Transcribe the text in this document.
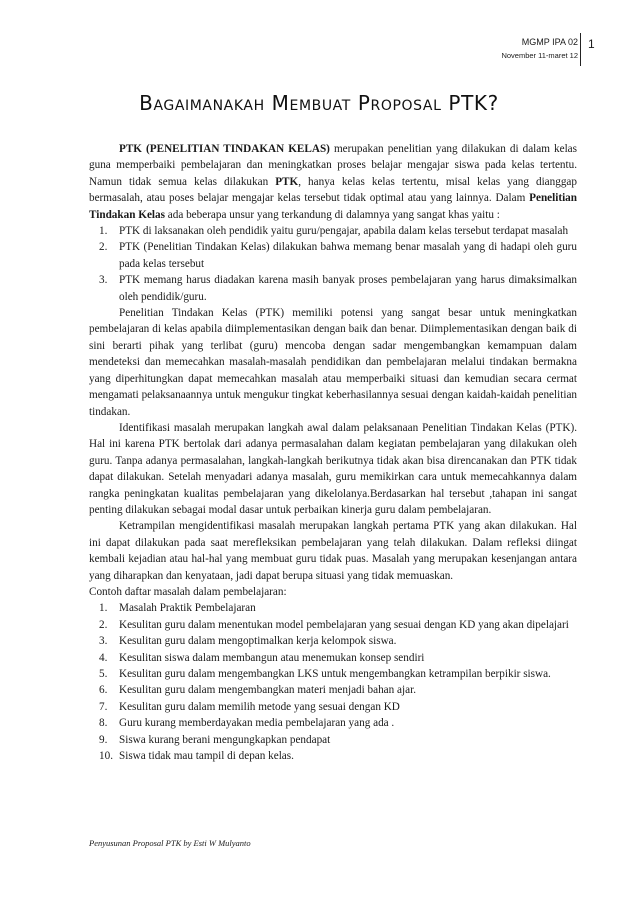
MGMP IPA 02
November 11-maret 12
1
Bagaimanakah Membuat Proposal PTK?

PTK (PENELITIAN TINDAKAN KELAS) merupakan penelitian yang dilakukan di dalam kelas guna memperbaiki pembelajaran dan meningkatkan proses belajar mengajar siswa pada kelas tertentu. Namun tidak semua kelas dilakukan PTK, hanya kelas kelas tertentu, misal kelas yang dianggap bermasalah, atau poses belajar mengajar kelas tersebut tidak optimal atau yang lainnya. Dalam Penelitian Tindakan Kelas ada beberapa unsur yang terkandung di dalamnya yang sangat khas yaitu :

1. PTK di laksanakan oleh pendidik yaitu guru/pengajar, apabila dalam kelas tersebut terdapat masalah
2. PTK (Penelitian Tindakan Kelas) dilakukan bahwa memang benar masalah yang di hadapi oleh guru pada kelas tersebut
3. PTK memang harus diadakan karena masih banyak proses pembelajaran yang harus dimaksimalkan oleh pendidik/guru.

Penelitian Tindakan Kelas (PTK) memiliki potensi yang sangat besar untuk meningkatkan pembelajaran di kelas apabila diimplementasikan dengan baik dan benar. Diimplementasikan dengan baik di sini berarti pihak yang terlibat (guru) mencoba dengan sadar mengembangkan kemampuan dalam mendeteksi dan memecahkan masalah-masalah pendidikan dan pembelajaran melalui tindakan bermakna yang diperhitungkan dapat memecahkan masalah atau memperbaiki situasi dan kemudian secara cermat mengamati pelaksanaannya untuk mengukur tingkat keberhasilannya sesuai dengan kaidah-kaidah penelitian tindakan.

Identifikasi masalah merupakan langkah awal dalam pelaksanaan Penelitian Tindakan Kelas (PTK). Hal ini karena PTK bertolak dari adanya permasalahan dalam kegiatan pembelajaran yang dilakukan oleh guru. Tanpa adanya permasalahan, langkah-langkah berikutnya tidak akan bisa direncanakan dan PTK tidak dapat dilakukan. Setelah menyadari adanya masalah, guru memikirkan cara untuk memecahkannya dalam rangka peningkatan kualitas pembelajaran yang dikelolanya.Berdasarkan hal tersebut ,tahapan ini sangat penting dilakukan sebagai modal dasar untuk perbaikan kinerja guru dalam pembelajaran.

Ketrampilan mengidentifikasi masalah merupakan langkah pertama PTK yang akan dilakukan. Hal ini dapat dilakukan pada saat merefleksikan pembelajaran yang telah dilakukan. Dalam refleksi diingat kembali kejadian atau hal-hal yang membuat guru tidak puas. Masalah yang merupakan kesenjangan antara yang diharapkan dan kenyataan, jadi dapat berupa situasi yang tidak memuaskan.

Contoh daftar masalah dalam pembelajaran:

1. Masalah Praktik Pembelajaran
2. Kesulitan guru dalam menentukan model pembelajaran yang sesuai dengan KD yang akan dipelajari
3. Kesulitan guru dalam mengoptimalkan kerja kelompok siswa.
4. Kesulitan siswa dalam membangun atau menemukan konsep sendiri
5. Kesulitan guru dalam mengembangkan LKS untuk mengembangkan ketrampilan berpikir siswa.
6. Kesulitan guru dalam mengembangkan materi menjadi bahan ajar.
7. Kesulitan guru dalam memilih metode yang sesuai dengan KD
8. Guru kurang memberdayakan media pembelajaran yang ada .
9. Siswa kurang berani mengungkapkan pendapat
10. Siswa tidak mau tampil di depan kelas.
Penyusunan Proposal PTK by Esti W Mulyanto
